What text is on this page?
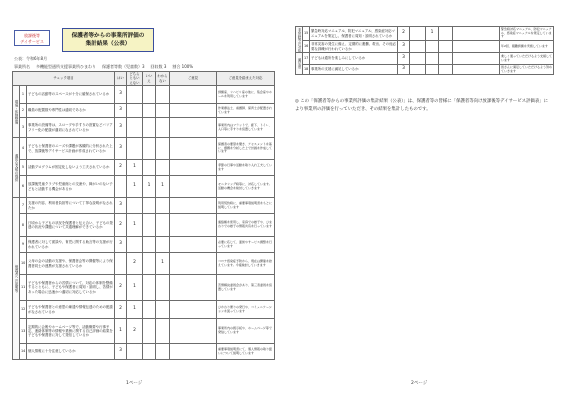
放課後等
デイサービス
保護者等からの事業所評価の
集計結果（公表）
公表：令和6年8月
事業所名 多機能型通所支援事業所ひまわり 保護者等数（児童数）3 回収数 3 割合 100%
チェック項目			はい	どちらともいえない	いいえ	わからない	ご意見	ご意見を踏まえた対応
環境・体制整備	1	子どもの活動等のスペースが十分に確保されているか	3					訓練室、リハビリ室の他に、集会室やホールを利用しています
	2	職員の配置数や専門性は適切であるか	3					作業療法士、看護師、保育士が配置されています
	3	事業所の設備等は、スロープや手すりの設置などバリアフリー化の配慮が適切になされているか	3					事業所内はフラットで、廊下、トイレ、入口等に手すりを設置しています
適切な支援の提供	4	子どもと保護者のニーズや課題が客観的に分析された上で、放課後等デイサービス計画が作成されているか	3					保護者の要望を聞き、アセスメントを基に、課題を分析した上で計画を作成しています
	5	活動プログラムが固定化しないよう工夫されているか	2	1				季節の行事や活動を取り入れ工夫しています
	6	放課後児童クラブや児童館との交流や、障がいのない子どもと活動する機会があるか		1	1	1		モニタリング時等に、対応しています。活動の機会を検討していきます
保護者への説明等	7	支援の内容、利用者負担等について丁寧な説明がなされたか	3					利用契約時に、重要事項説明書をもとに説明しています
	8	日頃から子どもの状況を保護者と伝え合い、子どもの発達の状況や課題について共通理解ができているか	2	1				連絡帳を使用し、家庭での様子や、ひまわりでの様子の情報共有を行っています
	9	保護者に対して面談や、育児に関する助言等の支援が行われているか	3					必要に応じて、面談やサービス調整を行っています
	10	父母の会の活動の支援や、保護者会等の開催等により保護者同士の連携が支援されているか		2		1		コロナ感染症予防から、現在は開催を控えています。今後検討していきます
	11	子どもや保護者からの苦情について、対応の体制を整備するとともに、子どもや保護者に周知・説明し、苦情があった場合に迅速かつ適切に対応しているか	2	1				苦情解決委員会があり、第三者委員を設置しています
	12	子どもや保護者との意思の疎通や情報伝達のための配慮がなされているか	2	1				ひかわり便りの発行や、コミュニケーションを図っています
	13	定期的に会報やホームページ等で、活動概要や行事予定、連絡体制等の情報や業務に関する自己評価の結果を子どもや保護者に対して発信しているか	1	2				事業所内の掲示板や、ホームページ等で発信しています
	14	個人情報に十分注意しているか	3					重要事項説明書にて、個人情報の取り扱いについて説明しています
1ページ
非常時等の対応	15	緊急時対応マニュアル、防犯マニュアル、感染症対応マニュアルを策定し、保護者に周知・説明されているか	2		1			緊急時対応マニュアル、防犯マニュアル、感染症マニュアルを策定しています
	16	非常災害の発生に備え、定期的に避難、救出、その他必要な訓練が行われているか	3					年2回、避難訓練を実施しています
満足度	17	子どもは通所を楽しみにしているか	3					楽しく通っていただけるよう支援しています
	18	事業所の支援に満足しているか	3					皆さんに満足していただけるよう努めていきます
◎ この「保護者等からの事業所評価の集計結果（公表）」は、保護者等の皆様に「保護者等向け放課後等デイサービス評価表」により事業所の評価を行っていただき、その結果を集計したものです。
2ページ
